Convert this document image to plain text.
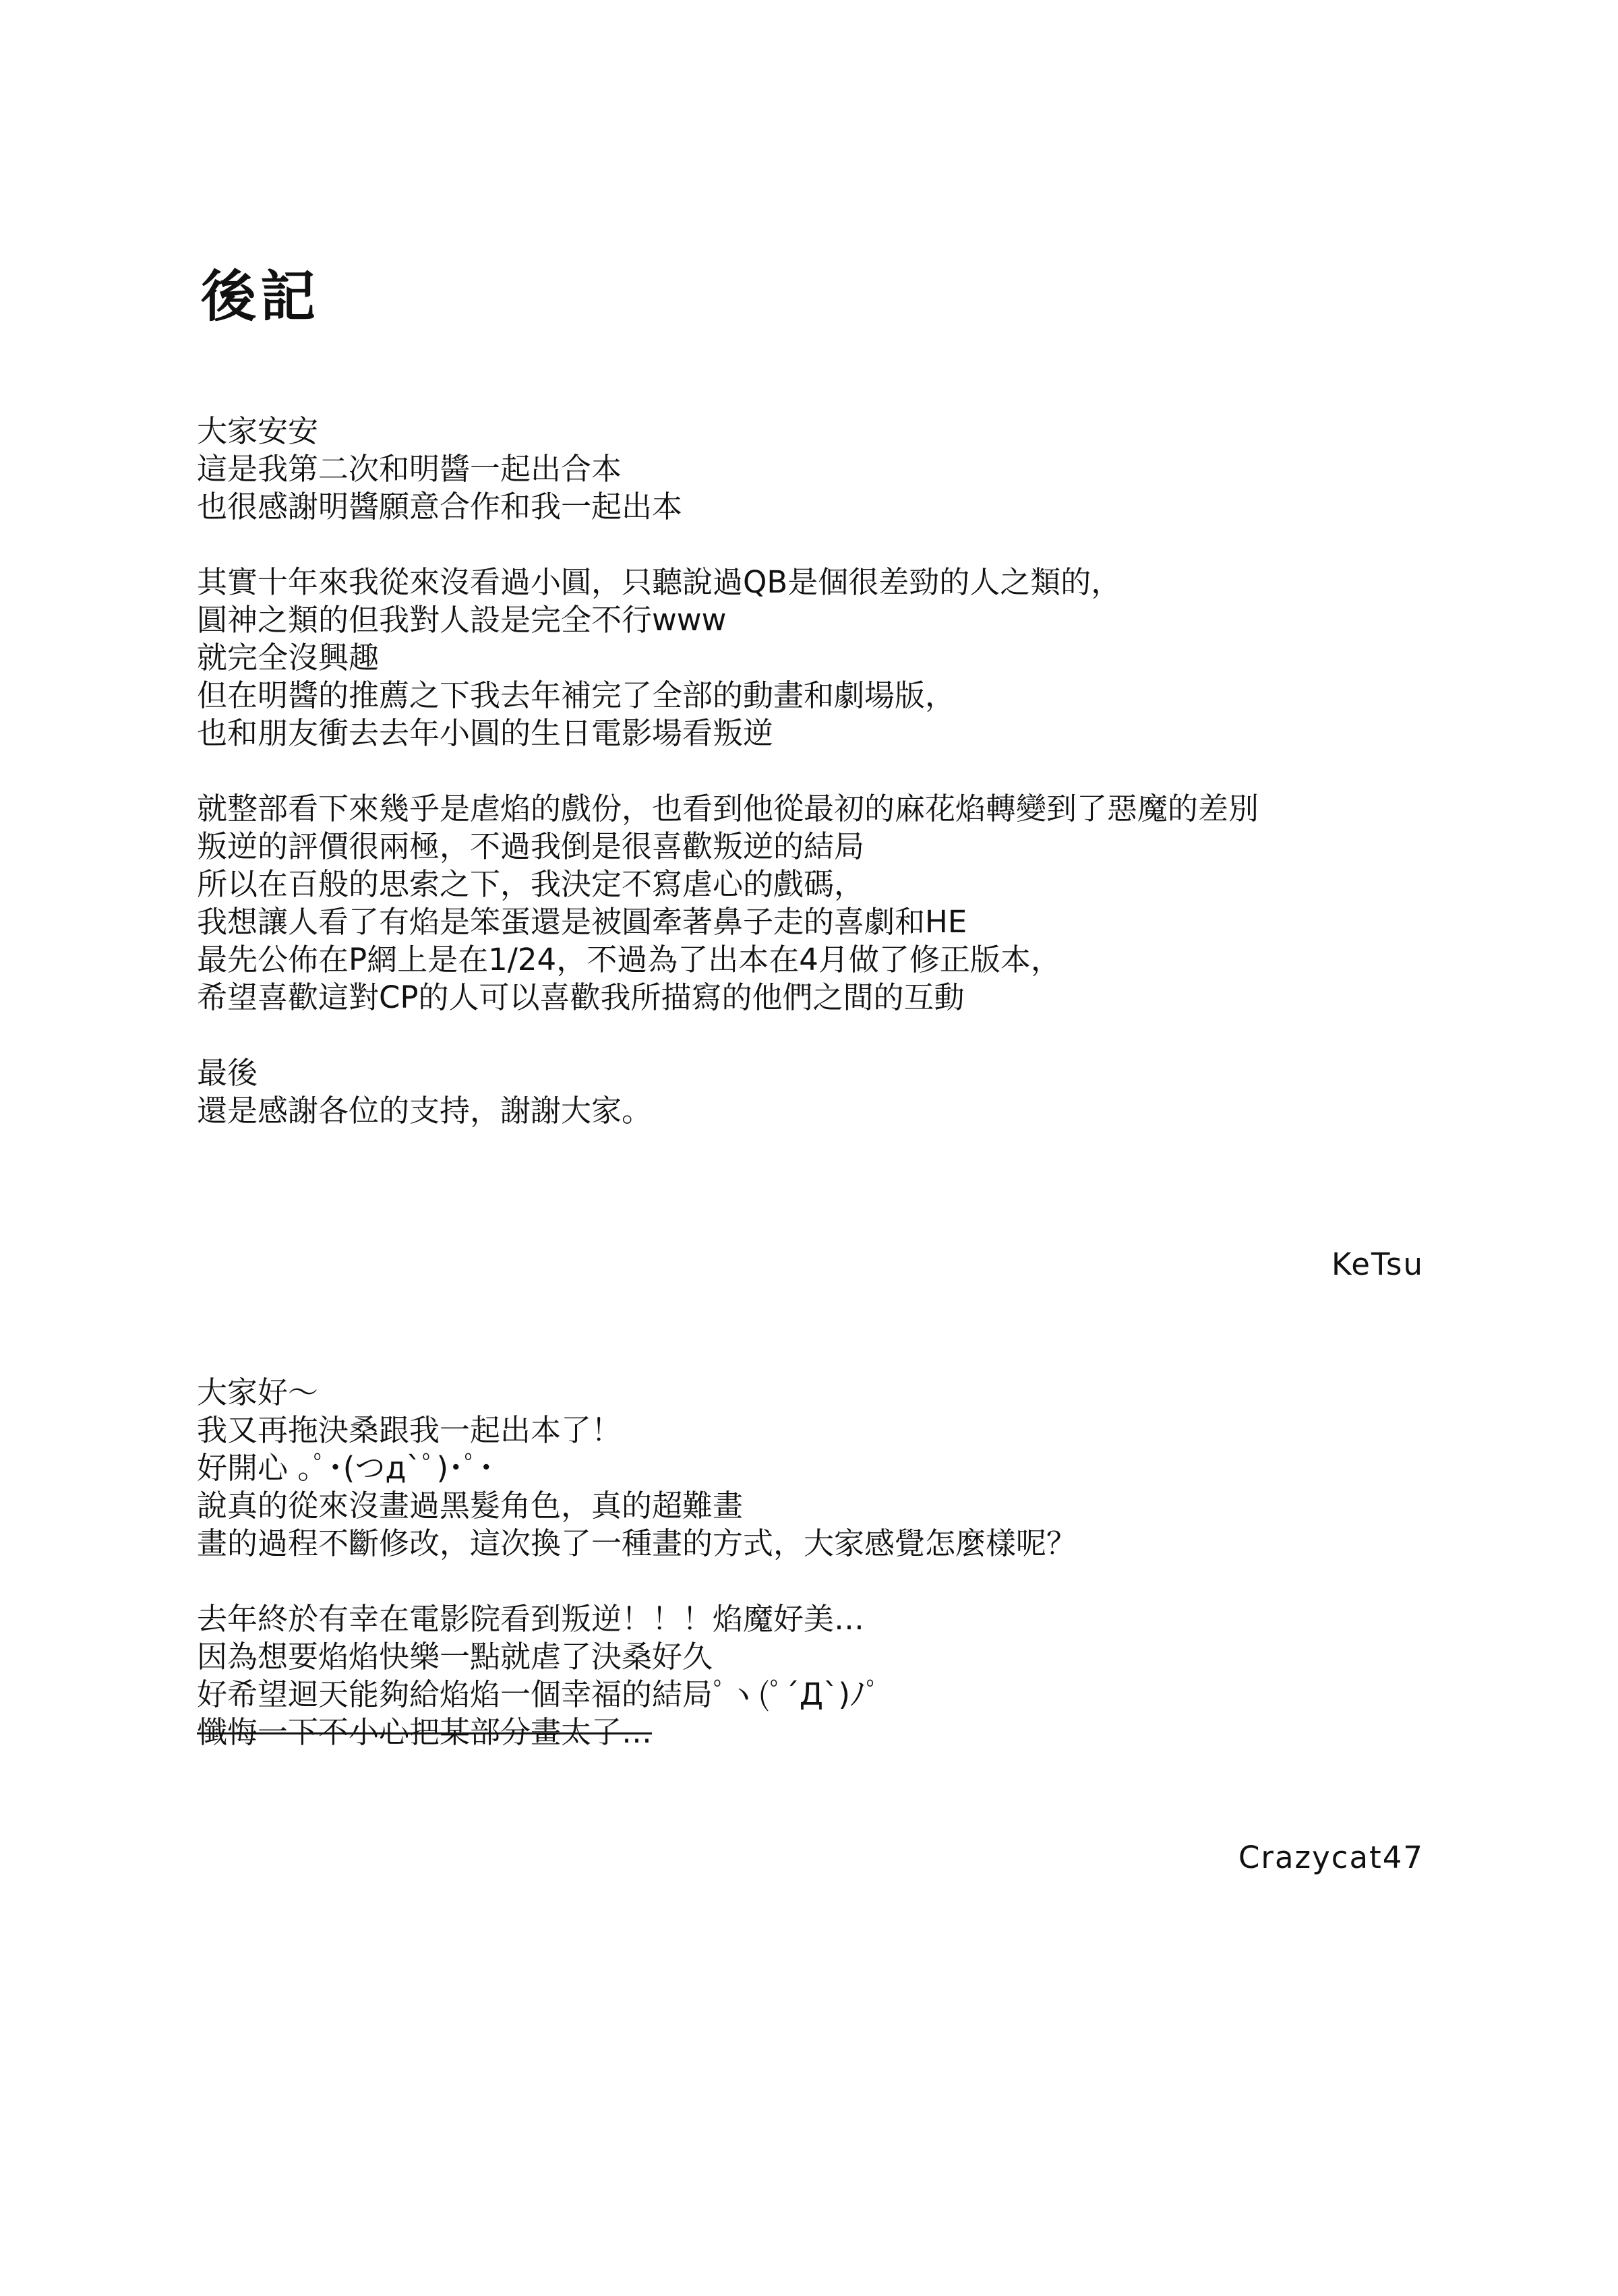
後記
大家安安
這是我第二次和明醬一起出合本
也很感謝明醬願意合作和我一起出本
其實十年來我從來沒看過小圓，只聽說過QB是個很差勁的人之類的，
圓神之類的但我對人設是完全不行www
就完全沒興趣
但在明醬的推薦之下我去年補完了全部的動畫和劇場版，
也和朋友衝去去年小圓的生日電影場看叛逆
就整部看下來幾乎是虐焰的戲份，也看到他從最初的麻花焰轉變到了惡魔的差別
叛逆的評價很兩極，不過我倒是很喜歡叛逆的結局
所以在百般的思索之下，我決定不寫虐心的戲碼，
我想讓人看了有焰是笨蛋還是被圓牽著鼻子走的喜劇和HE
最先公佈在P網上是在1/24，不過為了出本在4月做了修正版本，
希望喜歡這對CP的人可以喜歡我所描寫的他們之間的互動
最後
還是感謝各位的支持，謝謝大家。
KeTsu
大家好～
我又再拖決桑跟我一起出本了！
好開心 ｡ﾟ･(つд`ﾟ)･ﾟ･
說真的從來沒畫過黑髮角色，真的超難畫
畫的過程不斷修改，這次換了一種畫的方式，大家感覺怎麼樣呢？
去年終於有幸在電影院看到叛逆！！！焰魔好美…
因為想要焰焰快樂一點就虐了決桑好久
好希望迴天能夠給焰焰一個幸福的結局ﾟヽ(ﾟ´Д`)ﾉﾟ
懺悔一下不小心把某部分畫太了…
Crazycat47
